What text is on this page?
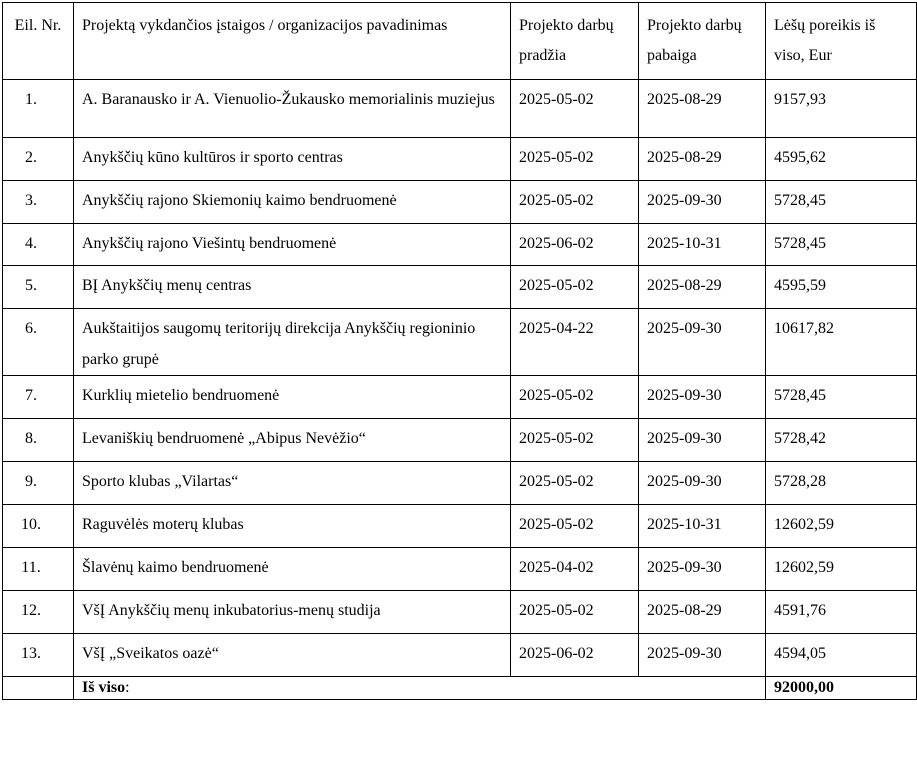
Eil. Nr.	Projektą vykdančios įstaigos / organizacijos pavadinimas	Projekto darbų pradžia	Projekto darbų pabaiga	Lėšų poreikis iš viso, Eur
1.	A. Baranausko ir A. Vienuolio-Žukausko memorialinis muziejus	2025-05-02	2025-08-29	9157,93
2.	Anykščių kūno kultūros ir sporto centras	2025-05-02	2025-08-29	4595,62
3.	Anykščių rajono Skiemonių kaimo bendruomenė	2025-05-02	2025-09-30	5728,45
4.	Anykščių rajono Viešintų bendruomenė	2025-06-02	2025-10-31	5728,45
5.	BĮ Anykščių menų centras	2025-05-02	2025-08-29	4595,59
6.	Aukštaitijos saugomų teritorijų direkcija Anykščių regioninio parko grupė	2025-04-22	2025-09-30	10617,82
7.	Kurklių mietelio bendruomenė	2025-05-02	2025-09-30	5728,45
8.	Levaniškių bendruomenė „Abipus Nevėžio“	2025-05-02	2025-09-30	5728,42
9.	Sporto klubas „Vilartas“	2025-05-02	2025-09-30	5728,28
10.	Raguvėlės moterų klubas	2025-05-02	2025-10-31	12602,59
11.	Šlavėnų kaimo bendruomenė	2025-04-02	2025-09-30	12602,59
12.	VšĮ Anykščių menų inkubatorius-menų studija	2025-05-02	2025-08-29	4591,76
13.	VšĮ „Sveikatos oazė“	2025-06-02	2025-09-30	4594,05
	Iš viso:			92000,00
